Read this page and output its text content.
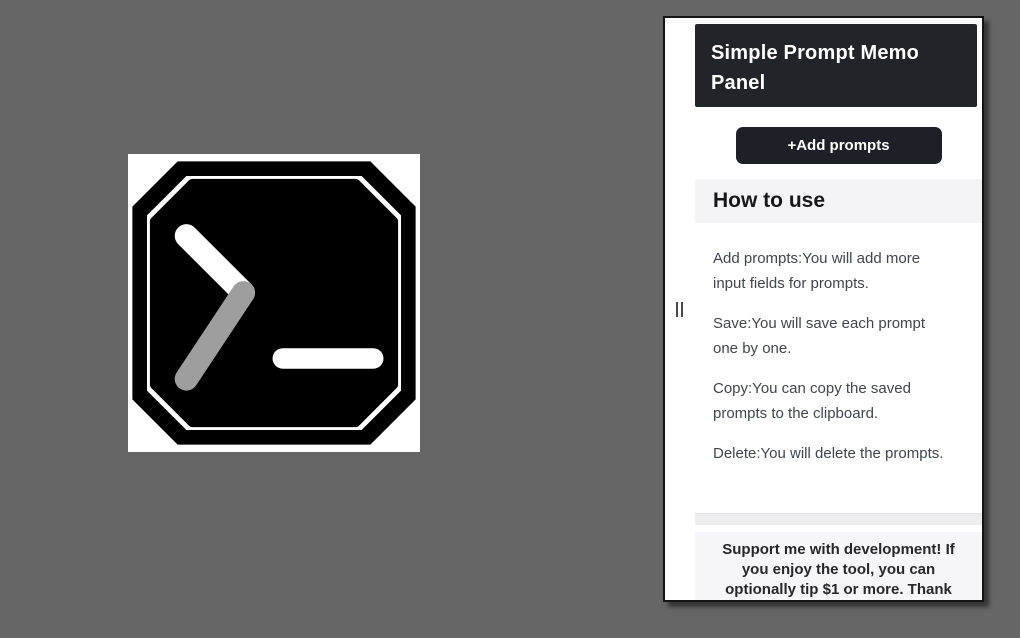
Simple Prompt Memo Panel
+Add prompts
How to use

Add prompts:You will add more
input fields for prompts.

Save:You will save each prompt
one by one.

Copy:You can copy the saved
prompts to the clipboard.

Delete:You will delete the prompts.

Support me with development! If
you enjoy the tool, you can
optionally tip $1 or more. Thank
